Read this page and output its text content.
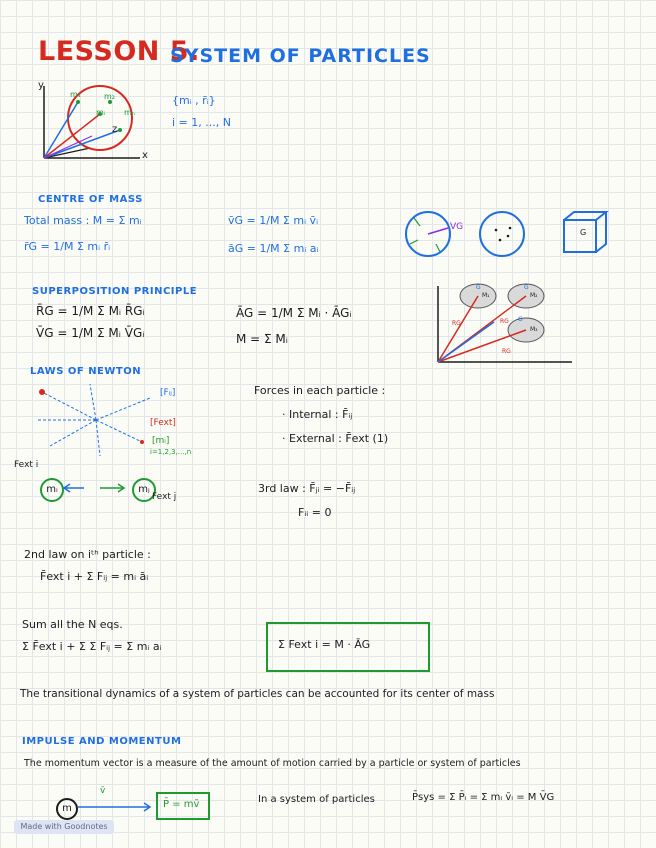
LESSON 5.
SYSTEM OF PARTICLES
y
x
z
m₁	m₂
mᵢ mₙ
{mᵢ , r̄ᵢ}
i = 1, ..., N
CENTRE OF MASS
Total mass : M = Σ mᵢ
r̄G = 1/M Σ mᵢ r̄ᵢ
v̄G = 1/M Σ mᵢ v̄ᵢ
āG = 1/M Σ mᵢ aᵢ
VG
G
SUPERPOSITION PRINCIPLE
R̄G = 1/M Σ Mᵢ R̄Gᵢ
V̄G = 1/M Σ Mᵢ V̄Gᵢ
ĀG = 1/M Σ Mᵢ · ĀGᵢ
M = Σ Mᵢ
M₁	M₂
M₃
G	G
G
RG	RG
RG
LAWS OF NEWTON
[Fᵢⱼ]
[Fext]
[mᵢ]
i=1,2,3,...,n
Fext i
mᵢ	mⱼ
Fext j
Forces in each particle :
· Internal : F̄ᵢⱼ
· External : F̄ext (1)
3rd law : F̄ⱼᵢ = −F̄ᵢⱼ
Fᵢᵢ = 0
2nd law on iᵗʰ particle :
F̄ext i + Σ Fᵢⱼ = mᵢ āᵢ
Sum all the N eqs.
Σ F̄ext i + Σ Σ Fᵢⱼ = Σ mᵢ aᵢ	Σ Fext i = M · ĀG
The transitional dynamics of a system of particles can be accounted for its center of mass
IMPULSE AND MOMENTUM
The momentum vector is a measure of the amount of motion carried by a particle or system of particles
m
v̄
P̄ = mv̄	In a system of particles	P̄sys = Σ P̄ᵢ = Σ mᵢ v̄ᵢ = M V̄G
Made with Goodnotes
